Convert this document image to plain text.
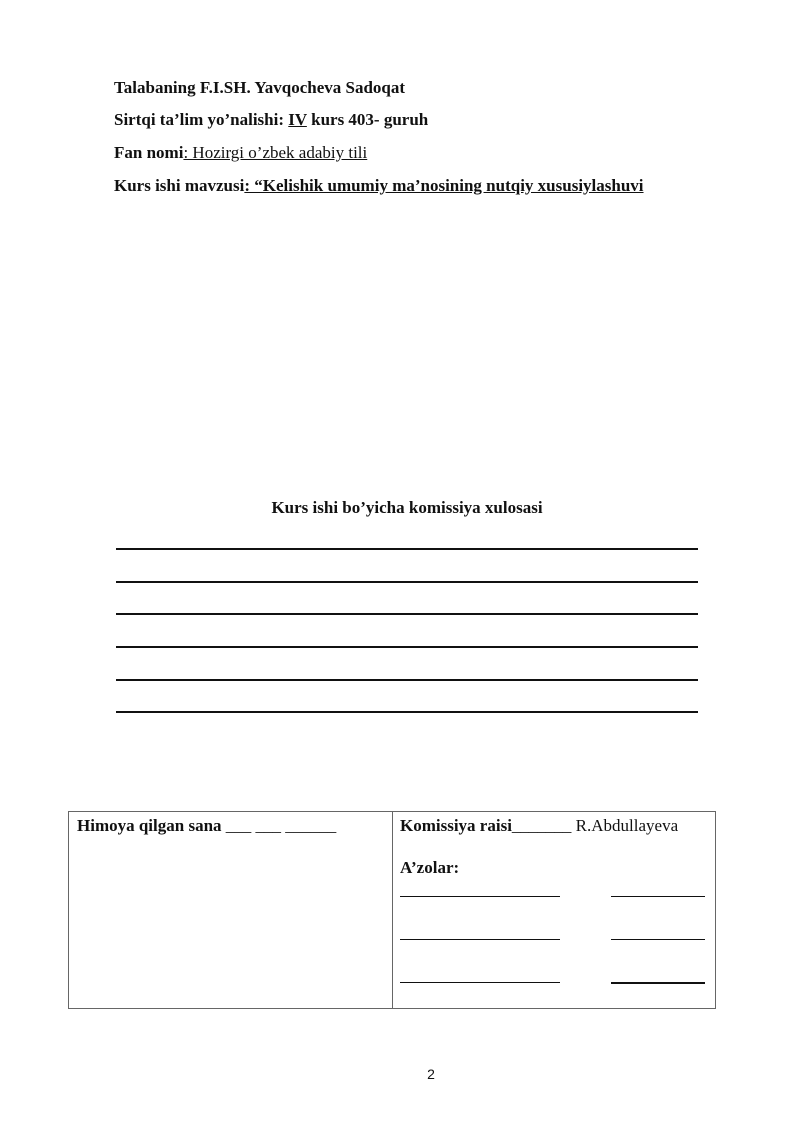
Talabaning F.I.SH. Yavqocheva Sadoqat
Sirtqi ta’lim yo’nalishi: IV kurs 403- guruh
Fan nomi: Hozirgi o’zbek adabiy tili
Kurs ishi mavzusi: “Kelishik umumiy ma’nosining nutqiy xususiylashuvi
Kurs ishi bo’yicha komissiya xulosasi
Himoya qilgan sana ___ ___ ______	Komissiya raisi_______ R.Abdullayeva
A’zolar:
2
